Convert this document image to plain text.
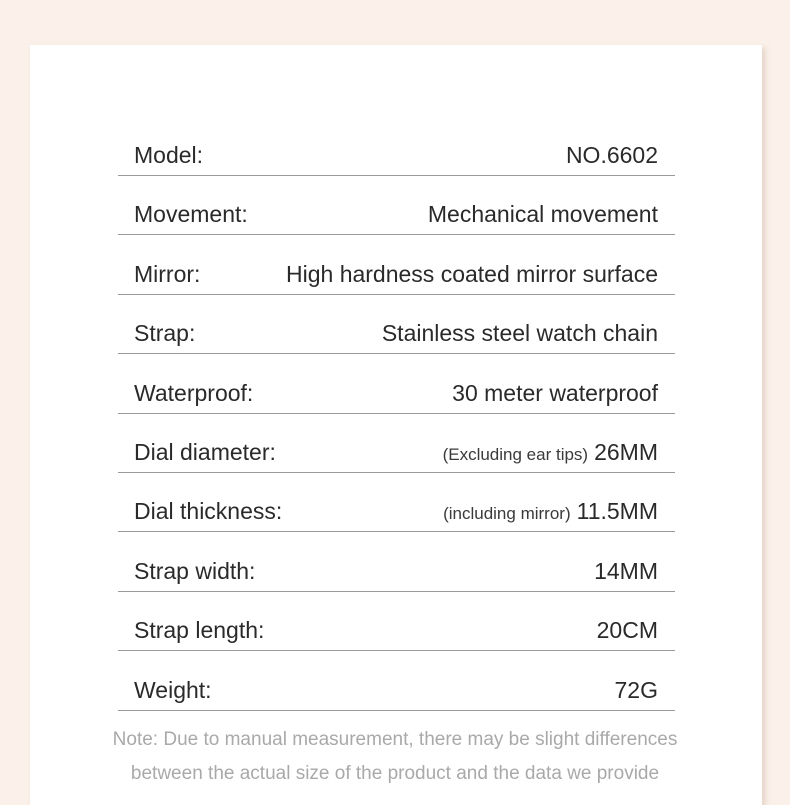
Model:	NO.6602
Movement:	Mechanical movement
Mirror:	High hardness coated mirror surface
Strap:	Stainless steel watch chain
Waterproof:	30 meter waterproof
Dial diameter:	(Excluding ear tips) 26MM
Dial thickness:	(including mirror) 11.5MM
Strap width:	14MM
Strap length:	20CM
Weight:	72G
Note: Due to manual measurement, there may be slight differences
between the actual size of the product and the data we provide
